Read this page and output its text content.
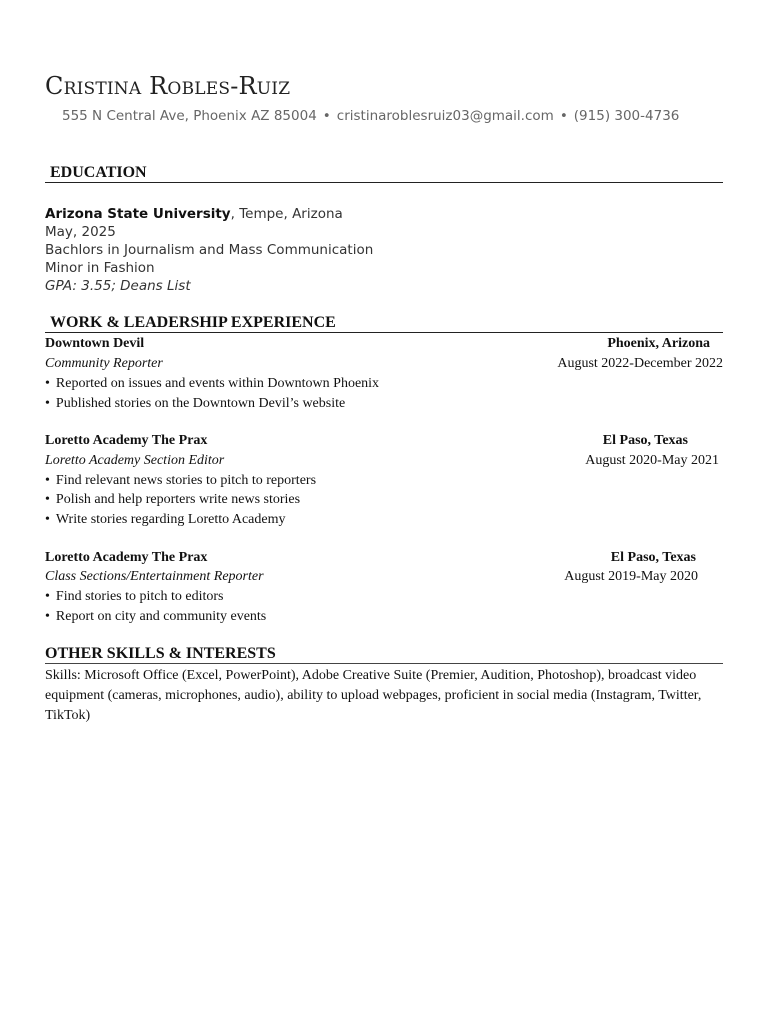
Cristina Robles-Ruiz
555 N Central Ave, Phoenix AZ 85004 • cristinaroblesruiz03@gmail.com • (915) 300-4736
EDUCATION
Arizona State University, Tempe, Arizona
May, 2025
Bachlors in Journalism and Mass Communication
Minor in Fashion
GPA: 3.55; Deans List
WORK & LEADERSHIP EXPERIENCE
Downtown Devil	Phoenix, Arizona
Community Reporter	August 2022-December 2022
• Reported on issues and events within Downtown Phoenix
• Published stories on the Downtown Devil’s website
Loretto Academy The Prax	El Paso, Texas
Loretto Academy Section Editor	August 2020-May 2021
• Find relevant news stories to pitch to reporters
• Polish and help reporters write news stories
• Write stories regarding Loretto Academy
Loretto Academy The Prax	El Paso, Texas
Class Sections/Entertainment Reporter	August 2019-May 2020
• Find stories to pitch to editors
• Report on city and community events
OTHER SKILLS & INTERESTS
Skills: Microsoft Office (Excel, PowerPoint), Adobe Creative Suite (Premier, Audition, Photoshop), broadcast video equipment (cameras, microphones, audio), ability to upload webpages, proficient in social media (Instagram, Twitter, TikTok)
